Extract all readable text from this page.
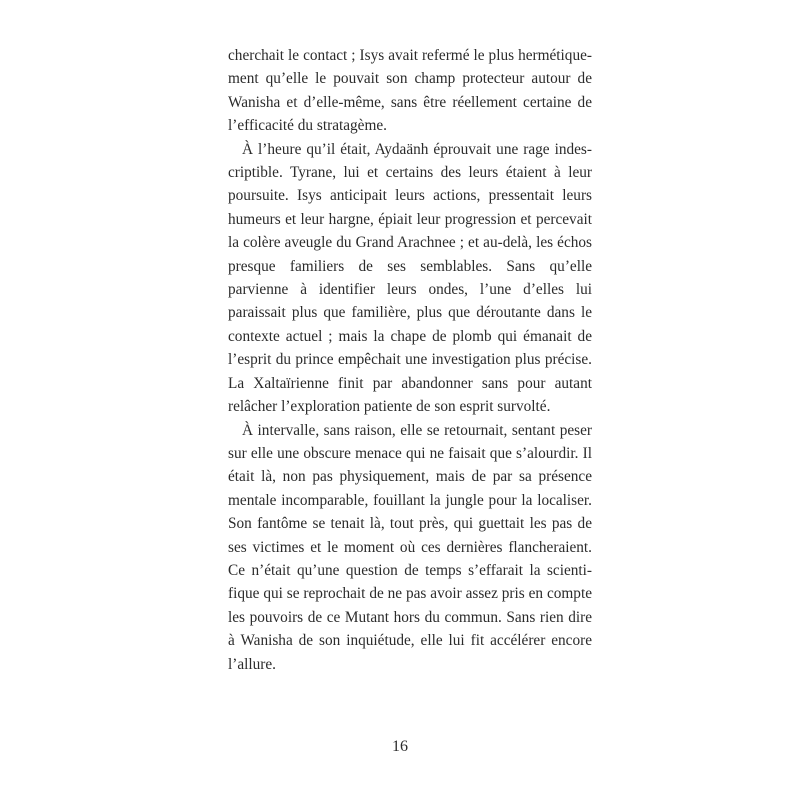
cherchait le contact ; Isys avait refermé le plus hermétiquement qu’elle le pouvait son champ protecteur autour de Wanisha et d’elle-même, sans être réellement certaine de l’efficacité du stratagème.

À l’heure qu’il était, Aydaänh éprouvait une rage indescriptible. Tyrane, lui et certains des leurs étaient à leur poursuite. Isys anticipait leurs actions, pressentait leurs humeurs et leur hargne, épiait leur progression et percevait la colère aveugle du Grand Arachnee ; et au-delà, les échos presque familiers de ses semblables. Sans qu’elle parvienne à identifier leurs ondes, l’une d’elles lui paraissait plus que familière, plus que déroutante dans le contexte actuel ; mais la chape de plomb qui émanait de l’esprit du prince empêchait une investigation plus précise. La Xaltaïrienne finit par abandonner sans pour autant relâcher l’exploration patiente de son esprit survolté.

À intervalle, sans raison, elle se retournait, sentant peser sur elle une obscure menace qui ne faisait que s’alourdir. Il était là, non pas physiquement, mais de par sa présence mentale incomparable, fouillant la jungle pour la localiser. Son fantôme se tenait là, tout près, qui guettait les pas de ses victimes et le moment où ces dernières flancheraient. Ce n’était qu’une question de temps s’effarait la scientifique qui se reprochait de ne pas avoir assez pris en compte les pouvoirs de ce Mutant hors du commun. Sans rien dire à Wanisha de son inquiétude, elle lui fit accélérer encore l’allure.

16
